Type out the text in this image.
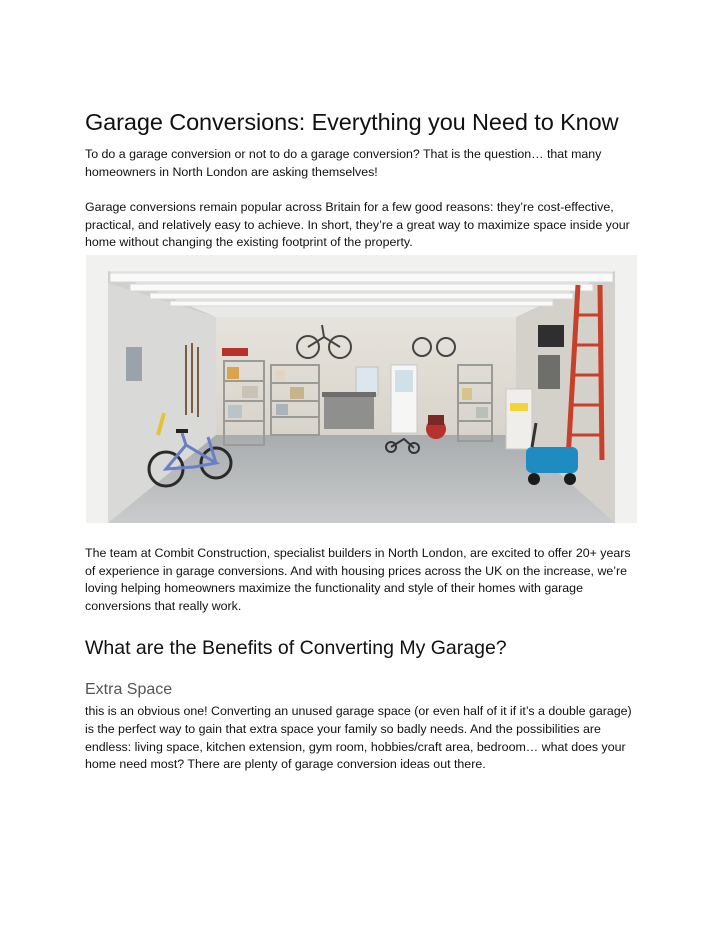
Garage Conversions: Everything you Need to Know

To do a garage conversion or not to do a garage conversion? That is the question… that many homeowners in North London are asking themselves!

Garage conversions remain popular across Britain for a few good reasons: they’re cost-effective, practical, and relatively easy to achieve. In short, they’re a great way to maximize space inside your home without changing the existing footprint of the property.

The team at Combit Construction, specialist builders in North London, are excited to offer 20+ years of experience in garage conversions. And with housing prices across the UK on the increase, we’re loving helping homeowners maximize the functionality and style of their homes with garage conversions that really work.

What are the Benefits of Converting My Garage?
Extra Space

this is an obvious one! Converting an unused garage space (or even half of it if it’s a double garage) is the perfect way to gain that extra space your family so badly needs. And the possibilities are endless: living space, kitchen extension, gym room, hobbies/craft area, bedroom… what does your home need most? There are plenty of garage conversion ideas out there.
